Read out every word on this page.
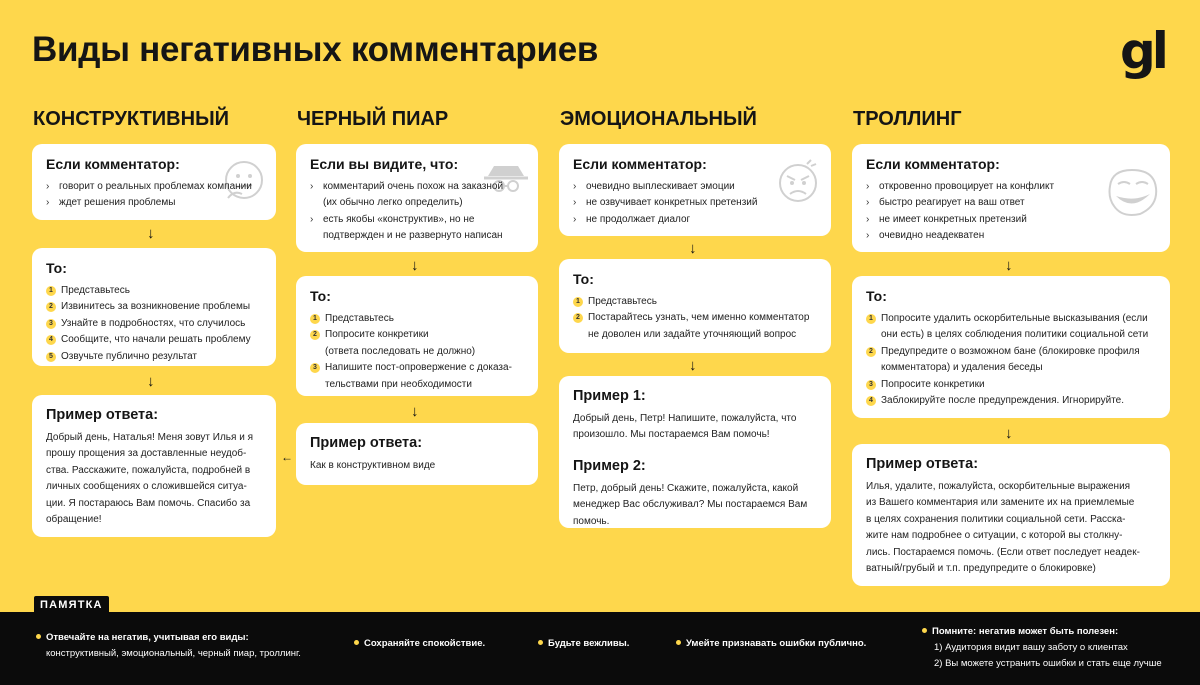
Виды негативных комментариев	gl
КОНСТРУКТИВНЫЙ
Если комментатор:
› говорит о реальных проблемах компании
› ждет решения проблемы
↓
То:
1 Представьтесь
2 Извинитесь за возникновение проблемы
3 Узнайте в подробностях, что случилось
4 Сообщите, что начали решать проблему
5 Озвучьте публично результат
↓
Пример ответа:
Добрый день, Наталья! Меня зовут Илья и я
прошу прощения за доставленные неудоб-
ства. Расскажите, пожалуйста, подробней в
личных сообщениях о сложившейся ситуа-
ции. Я постараюсь Вам помочь. Спасибо за
обращение!
←
ЧЕРНЫЙ ПИАР
Если вы видите, что:
› комментарий очень похож на заказной
(их обычно легко определить)
› есть якобы «конструктив», но не
подтвержден и не развернуто написан
↓
То:
1 Представьтесь
2 Попросите конкретики
(ответа последовать не должно)
3 Напишите пост-опровержение с доказа-
тельствами при необходимости
↓
Пример ответа:
Как в конструктивном виде
ЭМОЦИОНАЛЬНЫЙ
Если комментатор:
› очевидно выплескивает эмоции
› не озвучивает конкретных претензий
› не продолжает диалог
↓
То:
1 Представьтесь
2 Постарайтесь узнать, чем именно комментатор
не доволен или задайте уточняющий вопрос
↓
Пример 1:
Добрый день, Петр! Напишите, пожалуйста, что
произошло. Мы постараемся Вам помочь!
Пример 2:
Петр, добрый день! Скажите, пожалуйста, какой
менеджер Вас обслуживал? Мы постараемся Вам
помочь.
ТРОЛЛИНГ
Если комментатор:
› откровенно провоцирует на конфликт
› быстро реагирует на ваш ответ
› не имеет конкретных претензий
› очевидно неадекватен
↓
То:
1 Попросите удалить оскорбительные высказывания (если
они есть) в целях соблюдения политики социальной сети
2 Предупредите о возможном бане (блокировке профиля
комментатора) и удаления беседы
3 Попросите конкретики
4 Заблокируйте после предупреждения. Игнорируйте.
↓
Пример ответа:
Илья, удалите, пожалуйста, оскорбительные выражения
из Вашего комментария или замените их на приемлемые
в целях сохранения политики социальной сети. Расска-
жите нам подробнее о ситуации, с которой вы столкну-
лись. Постараемся помочь. (Если ответ последует неадек-
ватный/грубый и т.п. предупредите о блокировке)
Отвечайте на негатив, учитывая его виды:
конструктивный, эмоциональный, черный пиар, троллинг.
Сохраняйте спокойствие.	Будьте вежливы.	Умейте признавать ошибки публично.
Помните: негатив может быть полезен:
1) Аудитория видит вашу заботу о клиентах
2) Вы можете устранить ошибки и стать еще лучше
ПАМЯТКА
